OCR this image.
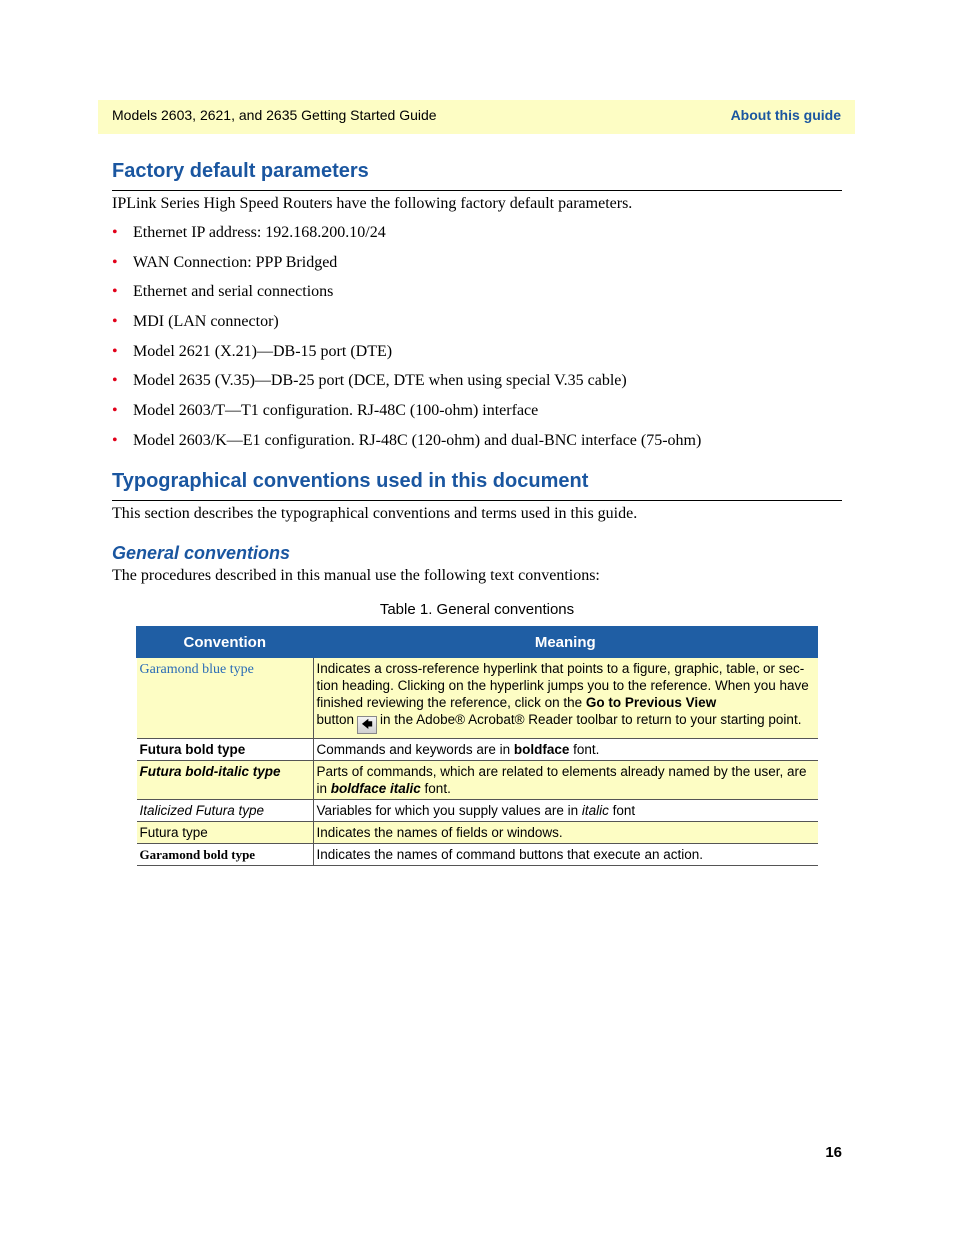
Models 2603, 2621, and 2635 Getting Started Guide	About this guide
Factory default parameters

IPLink Series High Speed Routers have the following factory default parameters.

• Ethernet IP address: 192.168.200.10/24
• WAN Connection: PPP Bridged
• Ethernet and serial connections
• MDI (LAN connector)
• Model 2621 (X.21)—DB-15 port (DTE)
• Model 2635 (V.35)—DB-25 port (DCE, DTE when using special V.35 cable)
• Model 2603/T—T1 configuration. RJ-48C (100-ohm) interface
• Model 2603/K—E1 configuration. RJ-48C (120-ohm) and dual-BNC interface (75-ohm)
Typographical conventions used in this document

This section describes the typographical conventions and terms used in this guide.

General conventions

The procedures described in this manual use the following text conventions:

Table 1. General conventions
Convention	Meaning
Garamond blue type	Indicates a cross-reference hyperlink that points to a figure, graphic, table, or sec-tion heading. Clicking on the hyperlink jumps you to the reference. When you have finished reviewing the reference, click on the Go to Previous View
button 🡄 in the Adobe® Acrobat® Reader toolbar to return to your starting point.
Futura bold type	Commands and keywords are in boldface font.
Futura bold-italic type	Parts of commands, which are related to elements already named by the user, are in boldface italic font.
Italicized Futura type	Variables for which you supply values are in italic font
Futura type	Indicates the names of fields or windows.
Garamond bold type	Indicates the names of command buttons that execute an action.
16
